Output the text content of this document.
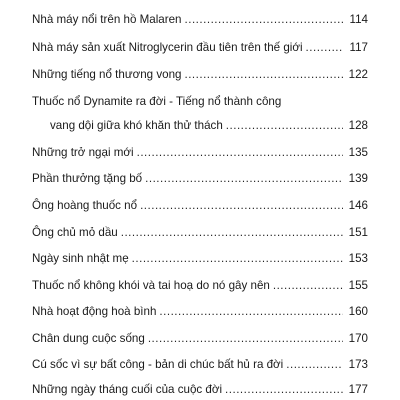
Nhà máy nổi trên hồ Malaren .....	114
Nhà máy sản xuất Nitroglycerin đầu tiên trên thế giới .....	117
Những tiếng nổ thương vong .....	122
Thuốc nổ Dynamite ra đời - Tiếng nổ thành công
vang dội giữa khó khăn thử thách .....	128
Những trở ngại mới .....	135
Phần thưởng tặng bố .....	139
Ông hoàng thuốc nổ .....	146
Ông chủ mỏ dầu .....	151
Ngày sinh nhật mẹ .....	153
Thuốc nổ không khói và tai hoạ do nó gây nên .....	155
Nhà hoạt động hoà bình .....	160
Chân dung cuộc sống .....	170
Cú sốc vì sự bất công - bản di chúc bất hủ ra đời .....	173
Những ngày tháng cuối của cuộc đời .....	177
